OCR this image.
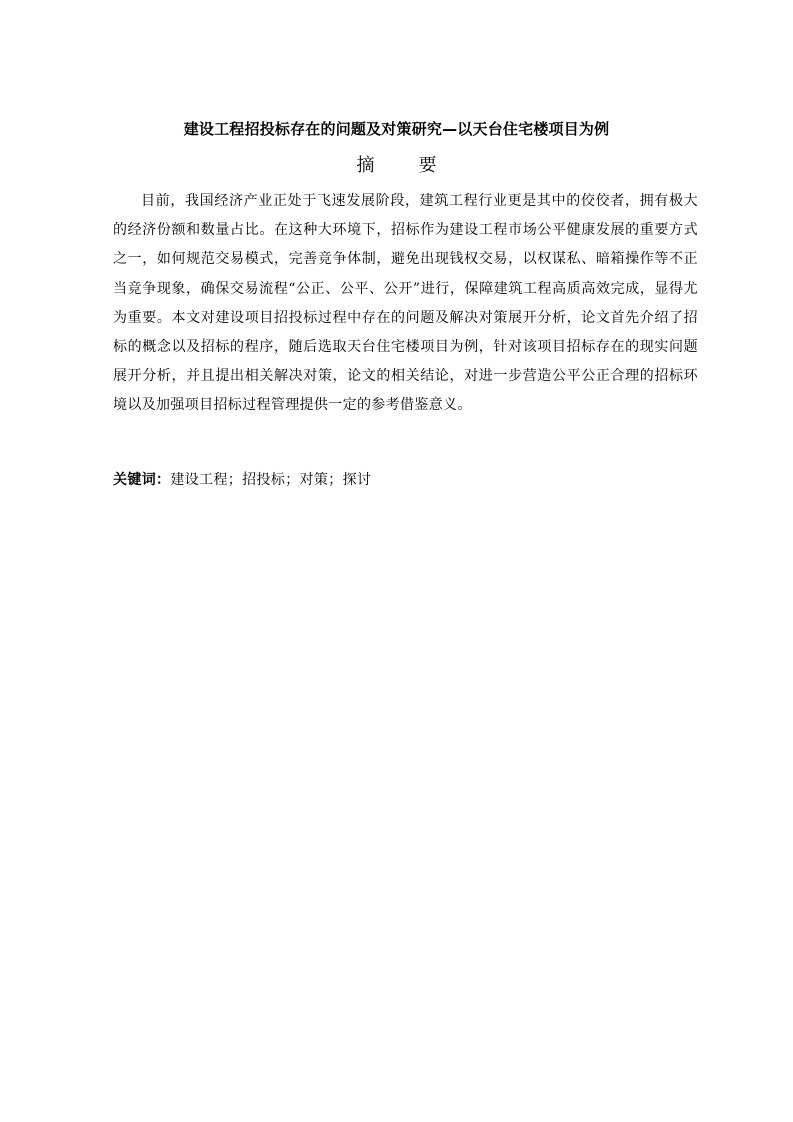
建设工程招投标存在的问题及对策研究—以天台住宅楼项目为例
摘 要

目前，我国经济产业正处于飞速发展阶段，建筑工程行业更是其中的佼佼者，拥有极大的经济份额和数量占比。在这种大环境下，招标作为建设工程市场公平健康发展的重要方式之一，如何规范交易模式，完善竞争体制，避免出现钱权交易，以权谋私、暗箱操作等不正当竞争现象，确保交易流程“公正、公平、公开”进行，保障建筑工程高质高效完成，显得尤为重要。本文对建设项目招投标过程中存在的问题及解决对策展开分析，论文首先介绍了招标的概念以及招标的程序，随后选取天台住宅楼项目为例，针对该项目招标存在的现实问题展开分析，并且提出相关解决对策，论文的相关结论，对进一步营造公平公正合理的招标环境以及加强项目招标过程管理提供一定的参考借鉴意义。

关键词：建设工程；招投标；对策；探讨
